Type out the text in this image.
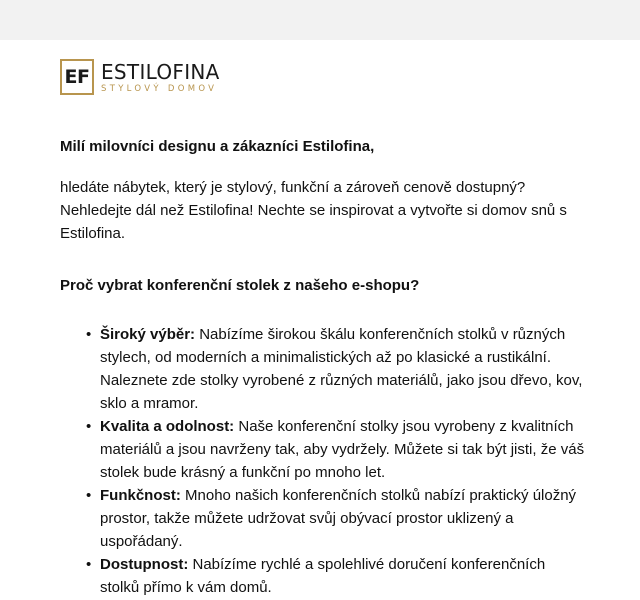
EF ESTILOFINA
STYLOVÝ DOMOV

Milí milovníci designu a zákazníci Estilofina,

hledáte nábytek, který je stylový, funkční a zároveň cenově dostupný? Nehledejte dál než Estilofina! Nechte se inspirovat a vytvořte si domov snů s Estilofina.

Proč vybrat konferenční stolek z našeho e-shopu?

• Široký výběr: Nabízíme širokou škálu konferenčních stolků v různých stylech, od moderních a minimalistických až po klasické a rustikální. Naleznete zde stolky vyrobené z různých materiálů, jako jsou dřevo, kov, sklo a mramor.
• Kvalita a odolnost: Naše konferenční stolky jsou vyrobeny z kvalitních materiálů a jsou navrženy tak, aby vydržely. Můžete si tak být jisti, že váš stolek bude krásný a funkční po mnoho let.
• Funkčnost: Mnoho našich konferenčních stolků nabízí praktický úložný prostor, takže můžete udržovat svůj obývací prostor uklizený a uspořádaný.
• Dostupnost: Nabízíme rychlé a spolehlivé doručení konferenčních stolků přímo k vám domů.
